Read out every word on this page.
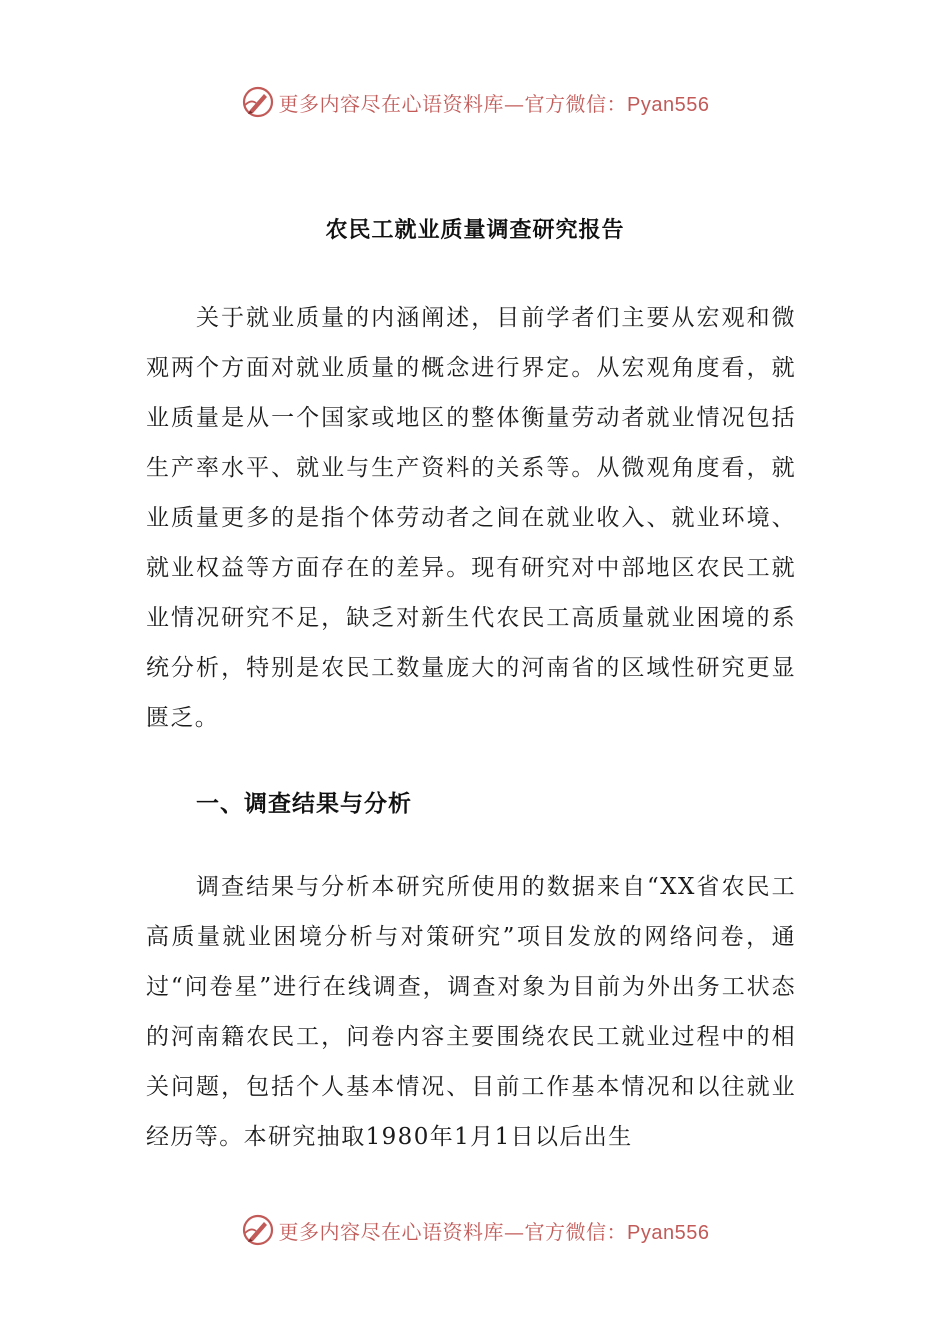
更多内容尽在心语资料库—官方微信：Pyan556
农民工就业质量调查研究报告

关于就业质量的内涵阐述，目前学者们主要从宏观和微观两个方面对就业质量的概念进行界定。从宏观角度看，就业质量是从一个国家或地区的整体衡量劳动者就业情况包括生产率水平、就业与生产资料的关系等。从微观角度看，就业质量更多的是指个体劳动者之间在就业收入、就业环境、就业权益等方面存在的差异。现有研究对中部地区农民工就业情况研究不足，缺乏对新生代农民工高质量就业困境的系统分析，特别是农民工数量庞大的河南省的区域性研究更显匮乏。

一、调查结果与分析

调查结果与分析本研究所使用的数据来自“XX省农民工高质量就业困境分析与对策研究”项目发放的网络问卷，通过“问卷星”进行在线调查，调查对象为目前为外出务工状态的河南籍农民工，问卷内容主要围绕农民工就业过程中的相关问题，包括个人基本情况、目前工作基本情况和以往就业经历等。本研究抽取1980年1月1日以后出生

更多内容尽在心语资料库—官方微信：Pyan556
